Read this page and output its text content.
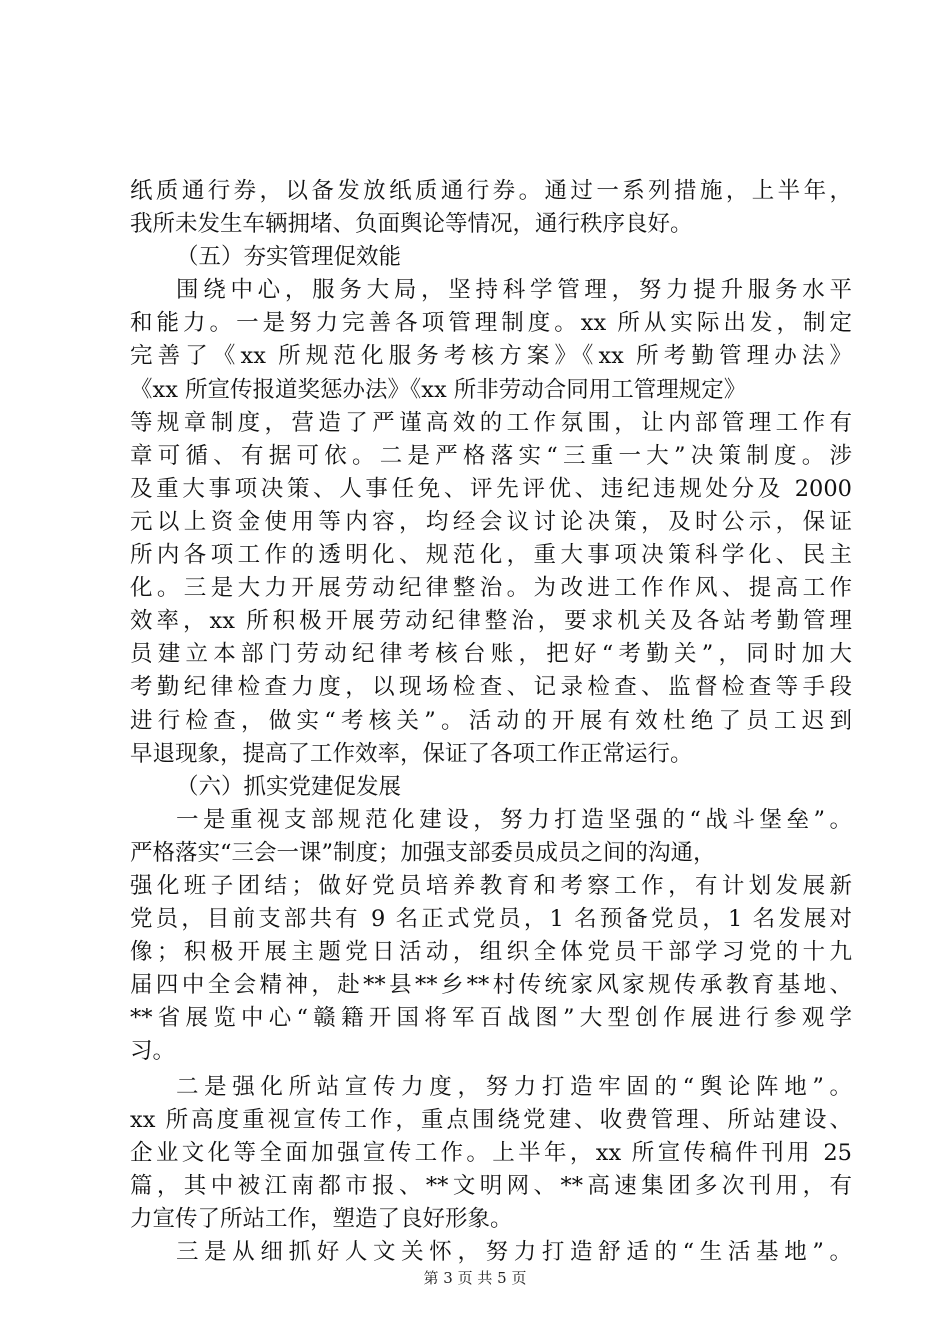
纸质通行券，以备发放纸质通行券。通过一系列措施，上半年，
我所未发生车辆拥堵、负面舆论等情况，通行秩序良好。
（五）夯实管理促效能
围绕中心，服务大局，坚持科学管理，努力提升服务水平
和能力。一是努力完善各项管理制度。xx 所从实际出发，制定
完善了《xx 所规范化服务考核方案》《xx 所考勤管理办法》
《xx 所宣传报道奖惩办法》《xx 所非劳动合同用工管理规定》
等规章制度，营造了严谨高效的工作氛围，让内部管理工作有
章可循、有据可依。二是严格落实“三重一大”决策制度。涉
及重大事项决策、人事任免、评先评优、违纪违规处分及 2000
元以上资金使用等内容，均经会议讨论决策，及时公示，保证
所内各项工作的透明化、规范化，重大事项决策科学化、民主
化。三是大力开展劳动纪律整治。为改进工作作风、提高工作
效率，xx 所积极开展劳动纪律整治，要求机关及各站考勤管理
员建立本部门劳动纪律考核台账，把好“考勤关”，同时加大
考勤纪律检查力度，以现场检查、记录检查、监督检查等手段
进行检查，做实“考核关”。活动的开展有效杜绝了员工迟到
早退现象，提高了工作效率，保证了各项工作正常运行。
（六）抓实党建促发展
一是重视支部规范化建设，努力打造坚强的“战斗堡垒”。
严格落实“三会一课”制度；加强支部委员成员之间的沟通，
强化班子团结；做好党员培养教育和考察工作，有计划发展新
党员，目前支部共有 9 名正式党员，1 名预备党员，1 名发展对
像；积极开展主题党日活动，组织全体党员干部学习党的十九
届四中全会精神，赴**县**乡**村传统家风家规传承教育基地、
**省展览中心“赣籍开国将军百战图”大型创作展进行参观学
习。
二是强化所站宣传力度，努力打造牢固的“舆论阵地”。
xx 所高度重视宣传工作，重点围绕党建、收费管理、所站建设、
企业文化等全面加强宣传工作。上半年，xx 所宣传稿件刊用 25
篇，其中被江南都市报、**文明网、**高速集团多次刊用，有
力宣传了所站工作，塑造了良好形象。
三是从细抓好人文关怀，努力打造舒适的“生活基地”。
第 3 页 共 5 页
